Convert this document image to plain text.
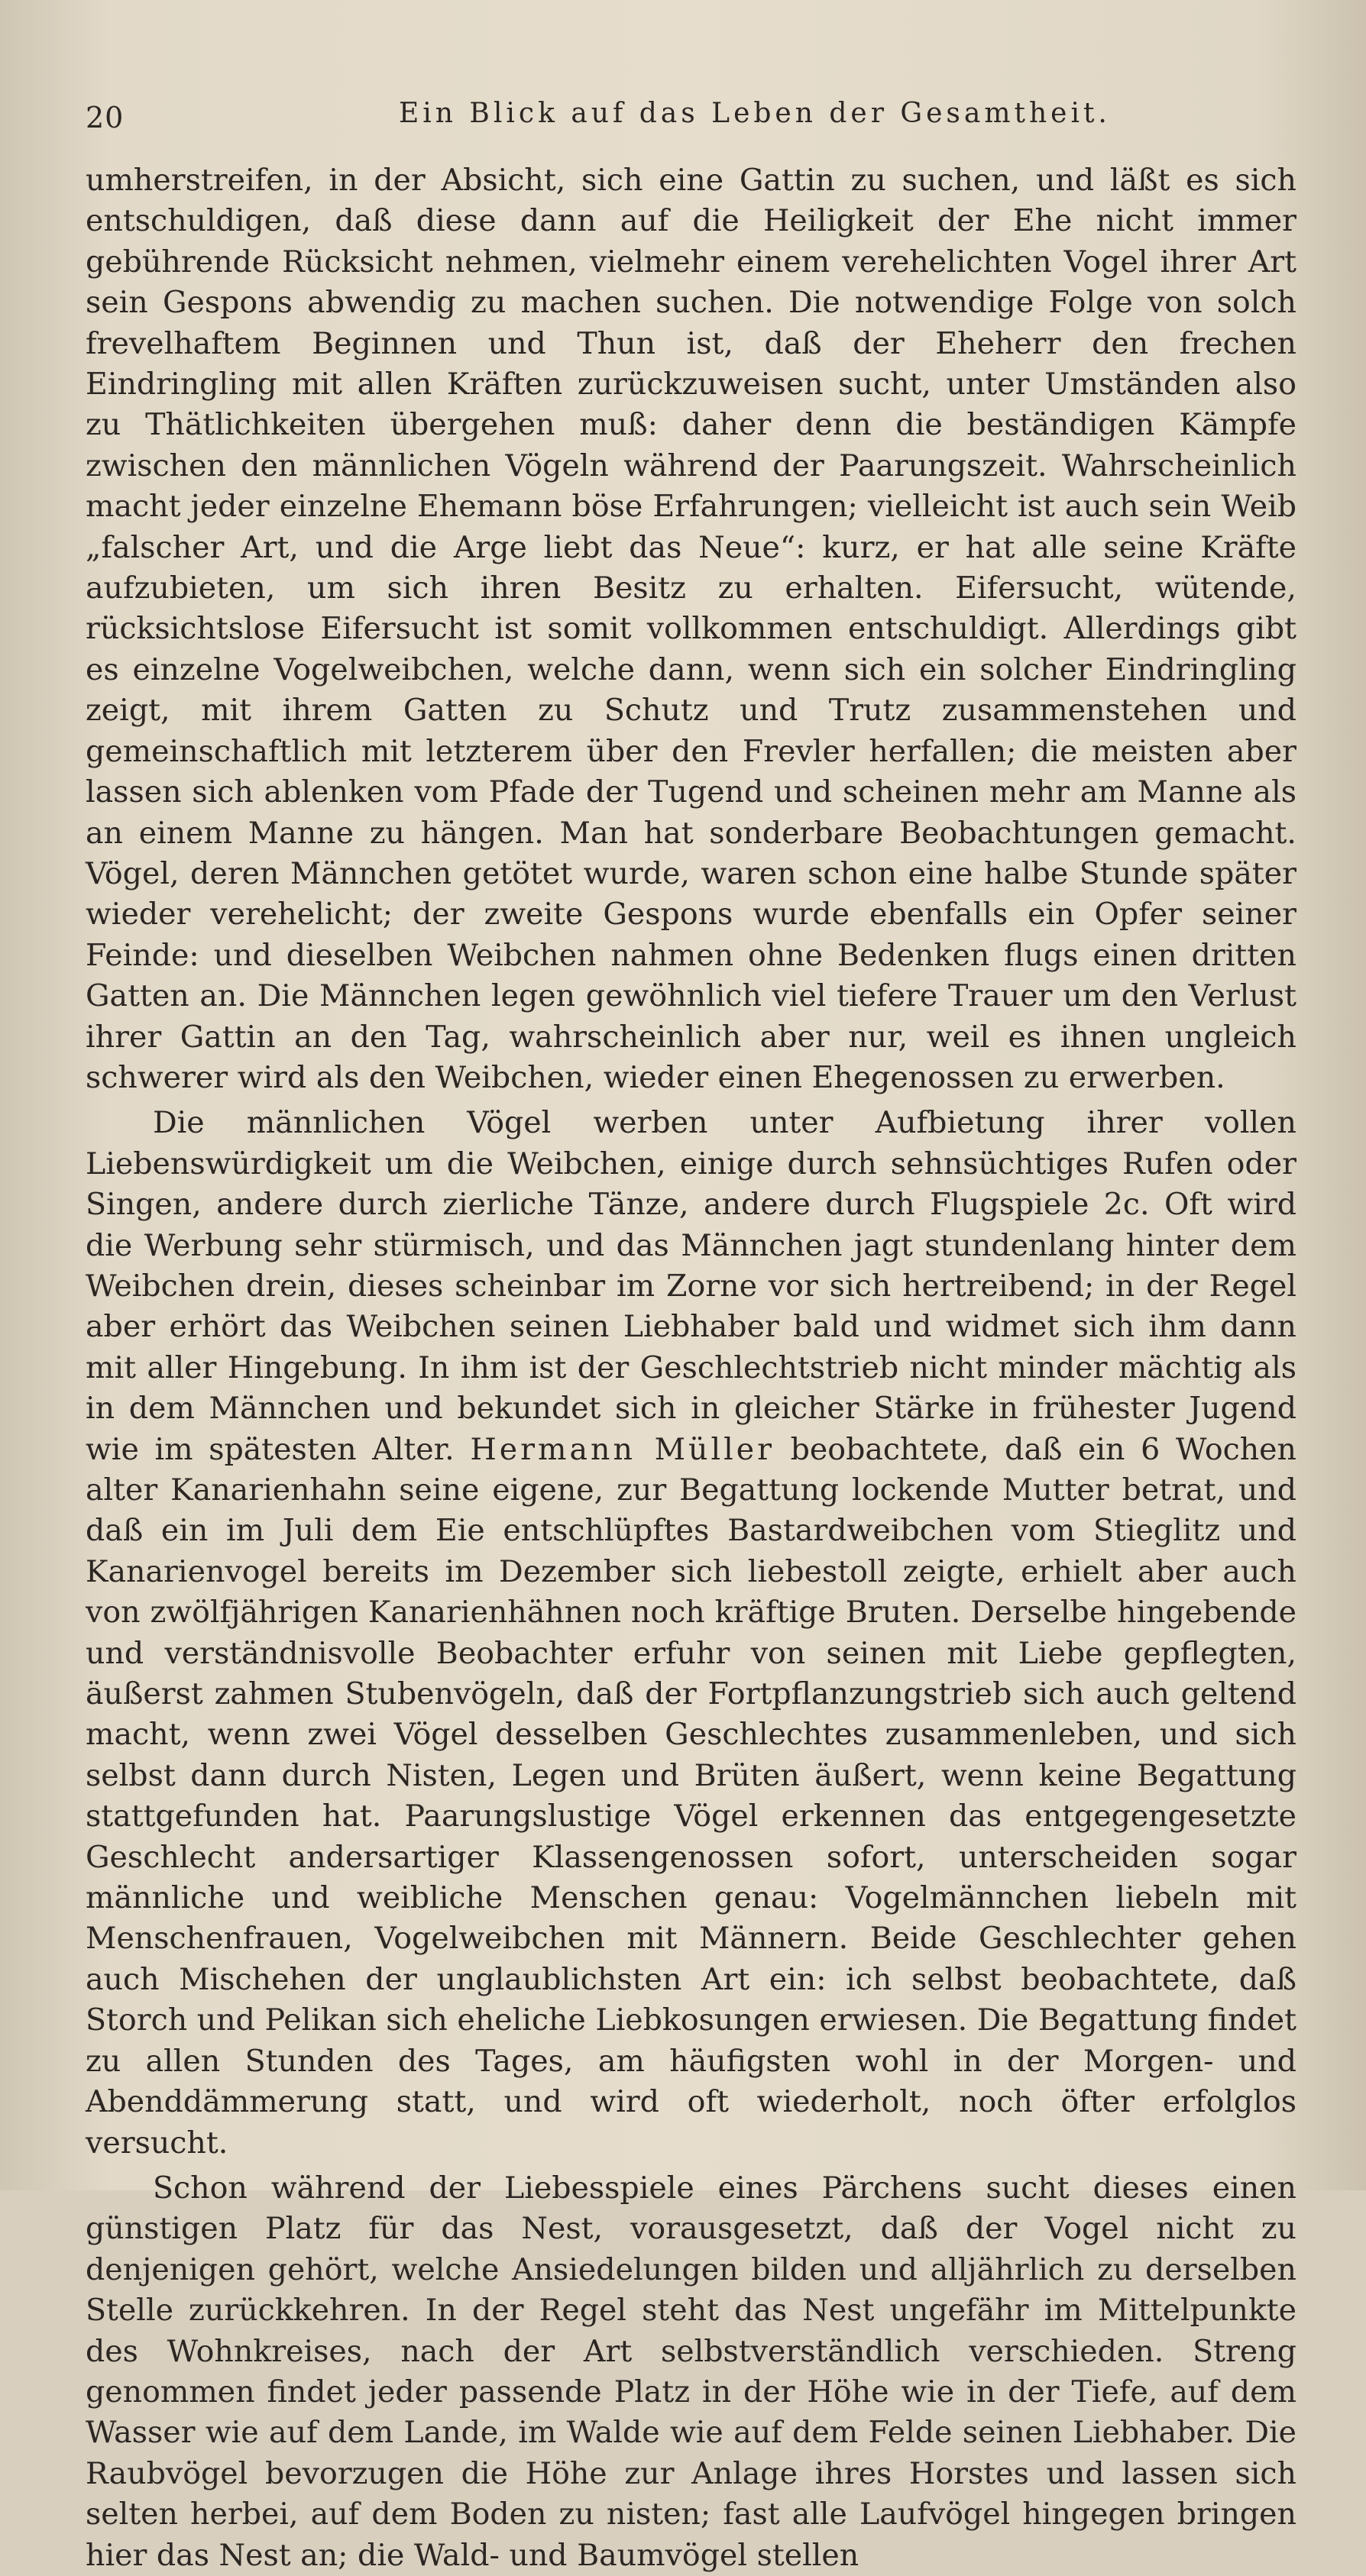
20	Ein Blick auf das Leben der Gesamtheit.

umherstreifen, in der Absicht, sich eine Gattin zu suchen, und läßt es sich entschuldigen, daß diese dann auf die Heiligkeit der Ehe nicht immer gebührende Rücksicht nehmen, vielmehr einem verehelichten Vogel ihrer Art sein Gespons abwendig zu machen suchen. Die notwendige Folge von solch frevelhaftem Beginnen und Thun ist, daß der Eheherr den frechen Eindringling mit allen Kräften zurückzuweisen sucht, unter Umständen also zu Thätlichkeiten übergehen muß: daher denn die beständigen Kämpfe zwischen den männlichen Vögeln während der Paarungszeit. Wahrscheinlich macht jeder einzelne Ehemann böse Erfahrungen; vielleicht ist auch sein Weib „falscher Art, und die Arge liebt das Neue“: kurz, er hat alle seine Kräfte aufzubieten, um sich ihren Besitz zu erhalten. Eifersucht, wütende, rücksichtslose Eifersucht ist somit vollkommen entschuldigt. Allerdings gibt es einzelne Vogelweibchen, welche dann, wenn sich ein solcher Eindringling zeigt, mit ihrem Gatten zu Schutz und Trutz zusammenstehen und gemeinschaftlich mit letzterem über den Frevler herfallen; die meisten aber lassen sich ablenken vom Pfade der Tugend und scheinen mehr am Manne als an einem Manne zu hängen. Man hat sonderbare Beobachtungen gemacht. Vögel, deren Männchen getötet wurde, waren schon eine halbe Stunde später wieder verehelicht; der zweite Gespons wurde ebenfalls ein Opfer seiner Feinde: und dieselben Weibchen nahmen ohne Bedenken flugs einen dritten Gatten an. Die Männchen legen gewöhnlich viel tiefere Trauer um den Verlust ihrer Gattin an den Tag, wahrscheinlich aber nur, weil es ihnen ungleich schwerer wird als den Weibchen, wieder einen Ehegenossen zu erwerben.

Die männlichen Vögel werben unter Aufbietung ihrer vollen Liebenswürdigkeit um die Weibchen, einige durch sehnsüchtiges Rufen oder Singen, andere durch zierliche Tänze, andere durch Flugspiele 2c. Oft wird die Werbung sehr stürmisch, und das Männchen jagt stundenlang hinter dem Weibchen drein, dieses scheinbar im Zorne vor sich hertreibend; in der Regel aber erhört das Weibchen seinen Liebhaber bald und widmet sich ihm dann mit aller Hingebung. In ihm ist der Geschlechtstrieb nicht minder mächtig als in dem Männchen und bekundet sich in gleicher Stärke in frühester Jugend wie im spätesten Alter. Hermann Müller beobachtete, daß ein 6 Wochen alter Kanarienhahn seine eigene, zur Begattung lockende Mutter betrat, und daß ein im Juli dem Eie entschlüpftes Bastardweibchen vom Stieglitz und Kanarienvogel bereits im Dezember sich liebestoll zeigte, erhielt aber auch von zwölfjährigen Kanarienhähnen noch kräftige Bruten. Derselbe hingebende und verständnisvolle Beobachter erfuhr von seinen mit Liebe gepflegten, äußerst zahmen Stubenvögeln, daß der Fortpflanzungstrieb sich auch geltend macht, wenn zwei Vögel desselben Geschlechtes zusammenleben, und sich selbst dann durch Nisten, Legen und Brüten äußert, wenn keine Begattung stattgefunden hat. Paarungslustige Vögel erkennen das entgegengesetzte Geschlecht andersartiger Klassengenossen sofort, unterscheiden sogar männliche und weibliche Menschen genau: Vogelmännchen liebeln mit Menschenfrauen, Vogelweibchen mit Männern. Beide Geschlechter gehen auch Mischehen der unglaublichsten Art ein: ich selbst beobachtete, daß Storch und Pelikan sich eheliche Liebkosungen erwiesen. Die Begattung findet zu allen Stunden des Tages, am häufigsten wohl in der Morgen- und Abenddämmerung statt, und wird oft wiederholt, noch öfter erfolglos versucht.

Schon während der Liebesspiele eines Pärchens sucht dieses einen günstigen Platz für das Nest, vorausgesetzt, daß der Vogel nicht zu denjenigen gehört, welche Ansiedelungen bilden und alljährlich zu derselben Stelle zurückkehren. In der Regel steht das Nest ungefähr im Mittelpunkte des Wohnkreises, nach der Art selbstverständlich verschieden. Streng genommen findet jeder passende Platz in der Höhe wie in der Tiefe, auf dem Wasser wie auf dem Lande, im Walde wie auf dem Felde seinen Liebhaber. Die Raubvögel bevorzugen die Höhe zur Anlage ihres Horstes und lassen sich selten herbei, auf dem Boden zu nisten; fast alle Laufvögel hingegen bringen hier das Nest an; die Wald- und Baumvögel stellen
